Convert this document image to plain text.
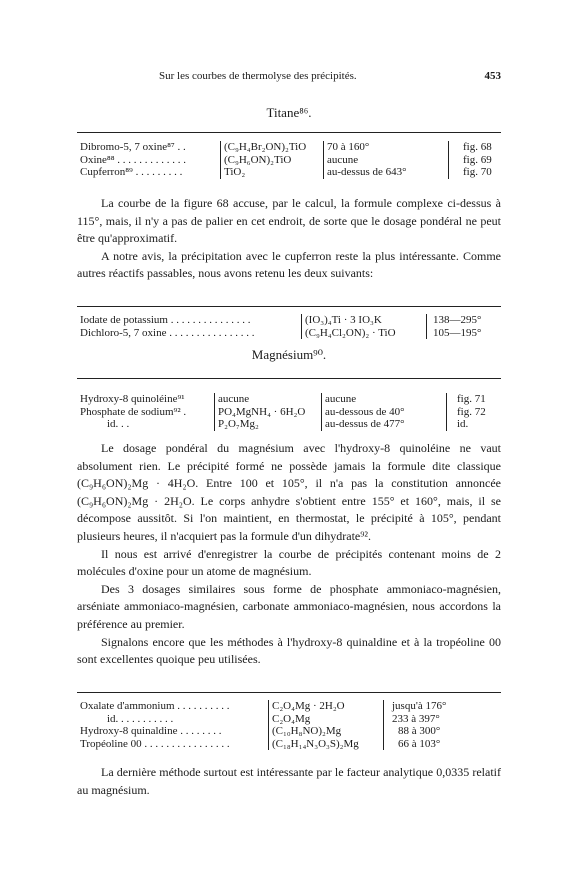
Sur les courbes de thermolyse des précipités.	453
Titane⁸⁶.
Dibromo-5, 7 oxine⁸⁷ . .	(C₉H₄Br₂ON)₂TiO	70 à 160°	fig. 68
Oxine⁸⁸ . . . . . . . . . . . . .	(C₉H₆ON)₂TiO	aucune	fig. 69
Cupferron⁸⁹ . . . . . . . . .	TiO₂	au-dessus de 643°	fig. 70

La courbe de la figure 68 accuse, par le calcul, la formule complexe ci-dessus à 115°, mais, il n'y a pas de palier en cet endroit, de sorte que le dosage pondéral ne peut être qu'approximatif.

A notre avis, la précipitation avec le cupferron reste la plus intéressante. Comme autres réactifs passables, nous avons retenu les deux suivants:

Iodate de potassium . . . . . . . . . . . . . . .	(IO₃)₄Ti · 3 IO₃K	138—295°
Dichloro-5, 7 oxine . . . . . . . . . . . . . . . .	(C₉H₄Cl₂ON)₂ · TiO	105—195°
Magnésium⁹⁰.
Hydroxy-8 quinoléine⁹¹	aucune	aucune	fig. 71
Phosphate de sodium⁹² .	PO₄MgNH₄ · 6H₂O	au-dessous de 40°	fig. 72
id. . .	P₂O₇Mg₂	au-dessus de 477°	id.

Le dosage pondéral du magnésium avec l'hydroxy-8 quinoléine ne vaut absolument rien. Le précipité formé ne possède jamais la formule dite classique (C₉H₆ON)₂Mg · 4H₂O. Entre 100 et 105°, il n'a pas la constitution annoncée (C₉H₆ON)₂Mg · 2H₂O. Le corps anhydre s'obtient entre 155° et 160°, mais, il se décompose aussitôt. Si l'on maintient, en thermostat, le précipité à 105°, pendant plusieurs heures, il n'acquiert pas la formule d'un dihydrate⁹².

Il nous est arrivé d'enregistrer la courbe de précipités contenant moins de 2 molécules d'oxine pour un atome de magnésium.

Des 3 dosages similaires sous forme de phosphate ammoniaco-magnésien, arséniate ammoniaco-magnésien, carbonate ammoniaco-magnésien, nous accordons la préférence au premier.

Signalons encore que les méthodes à l'hydroxy-8 quinaldine et à la tropéoline 00 sont excellentes quoique peu utilisées.

Oxalate d'ammonium . . . . . . . . . .	C₂O₄Mg · 2H₂O	jusqu'à 176°
id. . . . . . . . . . .	C₂O₄Mg	233 à 397°
Hydroxy-8 quinaldine . . . . . . . .	(C₁₀H₈NO)₂Mg	88 à 300°
Tropéoline 00 . . . . . . . . . . . . . . . .	(C₁₈H₁₄N₃O₃S)₂Mg	66 à 103°

La dernière méthode surtout est intéressante par le facteur analytique 0,0335 relatif au magnésium.
